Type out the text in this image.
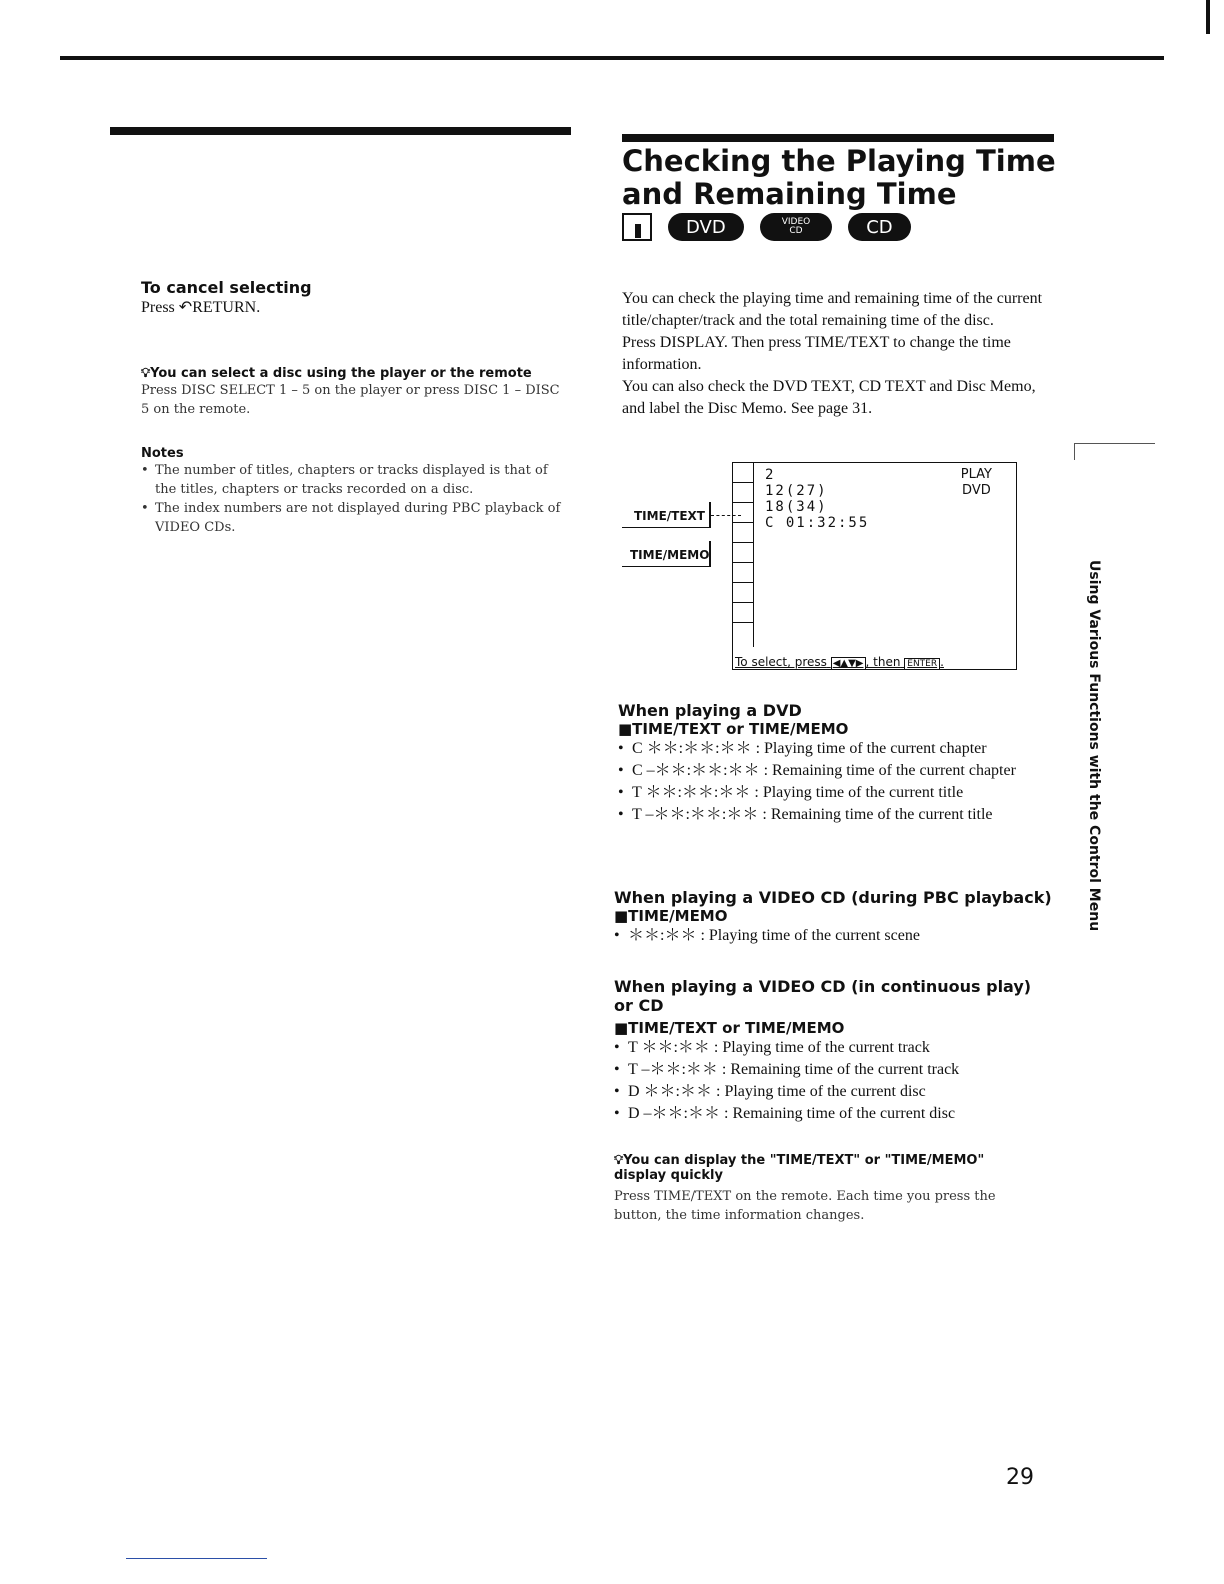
To cancel selecting
Press ↶RETURN.
💡︎You can select a disc using the player or the remote
Press DISC SELECT 1 – 5 on the player or press DISC 1 – DISC 5 on the remote.
Notes
• The number of titles, chapters or tracks displayed is that of the titles, chapters or tracks recorded on a disc.
• The index numbers are not displayed during PBC playback of VIDEO CDs.
Checking the Playing Time and Remaining Time
DVD	VIDEO
CD	CD
You can check the playing time and remaining time of the current title/chapter/track and the total remaining time of the disc.
Press DISPLAY. Then press TIME/TEXT to change the time information.
You can also check the DVD TEXT, CD TEXT and Disc Memo, and label the Disc Memo. See page 31.
2
12(27)
18(34)
C 01:32:55
PLAY
DVD
To select, press ◀▲▼▶ , then ENTER .
TIME/TEXT
TIME/MEMO
When playing a DVD
■TIME/TEXT or TIME/MEMO
• C ＊＊:＊＊:＊＊ : Playing time of the current chapter
• C –＊＊:＊＊:＊＊ : Remaining time of the current chapter
• T ＊＊:＊＊:＊＊ : Playing time of the current title
• T –＊＊:＊＊:＊＊ : Remaining time of the current title
When playing a VIDEO CD (during PBC playback)
■TIME/MEMO
• ＊＊:＊＊ : Playing time of the current scene
When playing a VIDEO CD (in continuous play) or CD
■TIME/TEXT or TIME/MEMO
• T ＊＊:＊＊ : Playing time of the current track
• T –＊＊:＊＊ : Remaining time of the current track
• D ＊＊:＊＊ : Playing time of the current disc
• D –＊＊:＊＊ : Remaining time of the current disc
💡︎You can display the "TIME/TEXT" or "TIME/MEMO" display quickly
Press TIME/TEXT on the remote. Each time you press the button, the time information changes.
Using Various Functions with the Control Menu
29
